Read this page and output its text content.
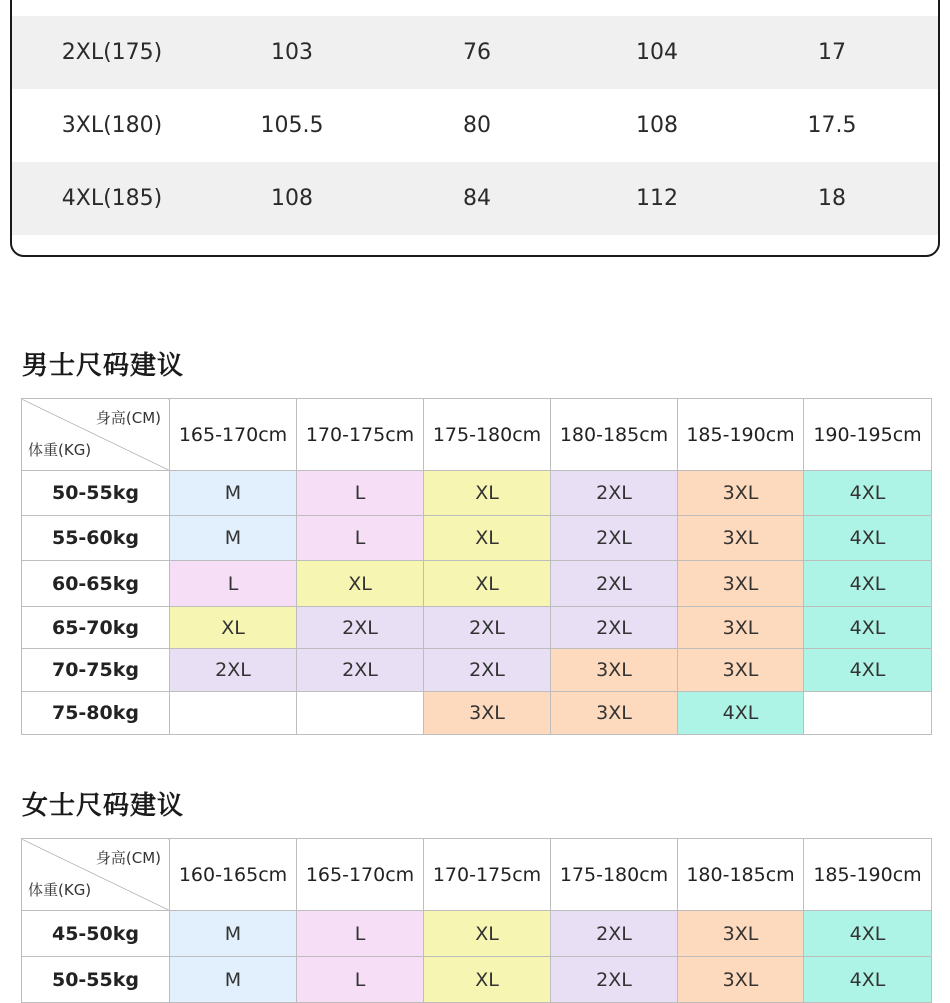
2XL(175)	103	76	104	17
3XL(180)	105.5	80	108	17.5
4XL(185)	108	84	112	18
男士尺码建议
身高(CM)
体重(KG)	165-170cm	170-175cm	175-180cm	180-185cm	185-190cm	190-195cm
50-55kg	M	L	XL	2XL	3XL	4XL
55-60kg	M	L	XL	2XL	3XL	4XL
60-65kg	L	XL	XL	2XL	3XL	4XL
65-70kg	XL	2XL	2XL	2XL	3XL	4XL
70-75kg	2XL	2XL	2XL	3XL	3XL	4XL
75-80kg			3XL	3XL	4XL	
女士尺码建议
身高(CM)
体重(KG)	160-165cm	165-170cm	170-175cm	175-180cm	180-185cm	185-190cm
45-50kg	M	L	XL	2XL	3XL	4XL
50-55kg	M	L	XL	2XL	3XL	4XL
